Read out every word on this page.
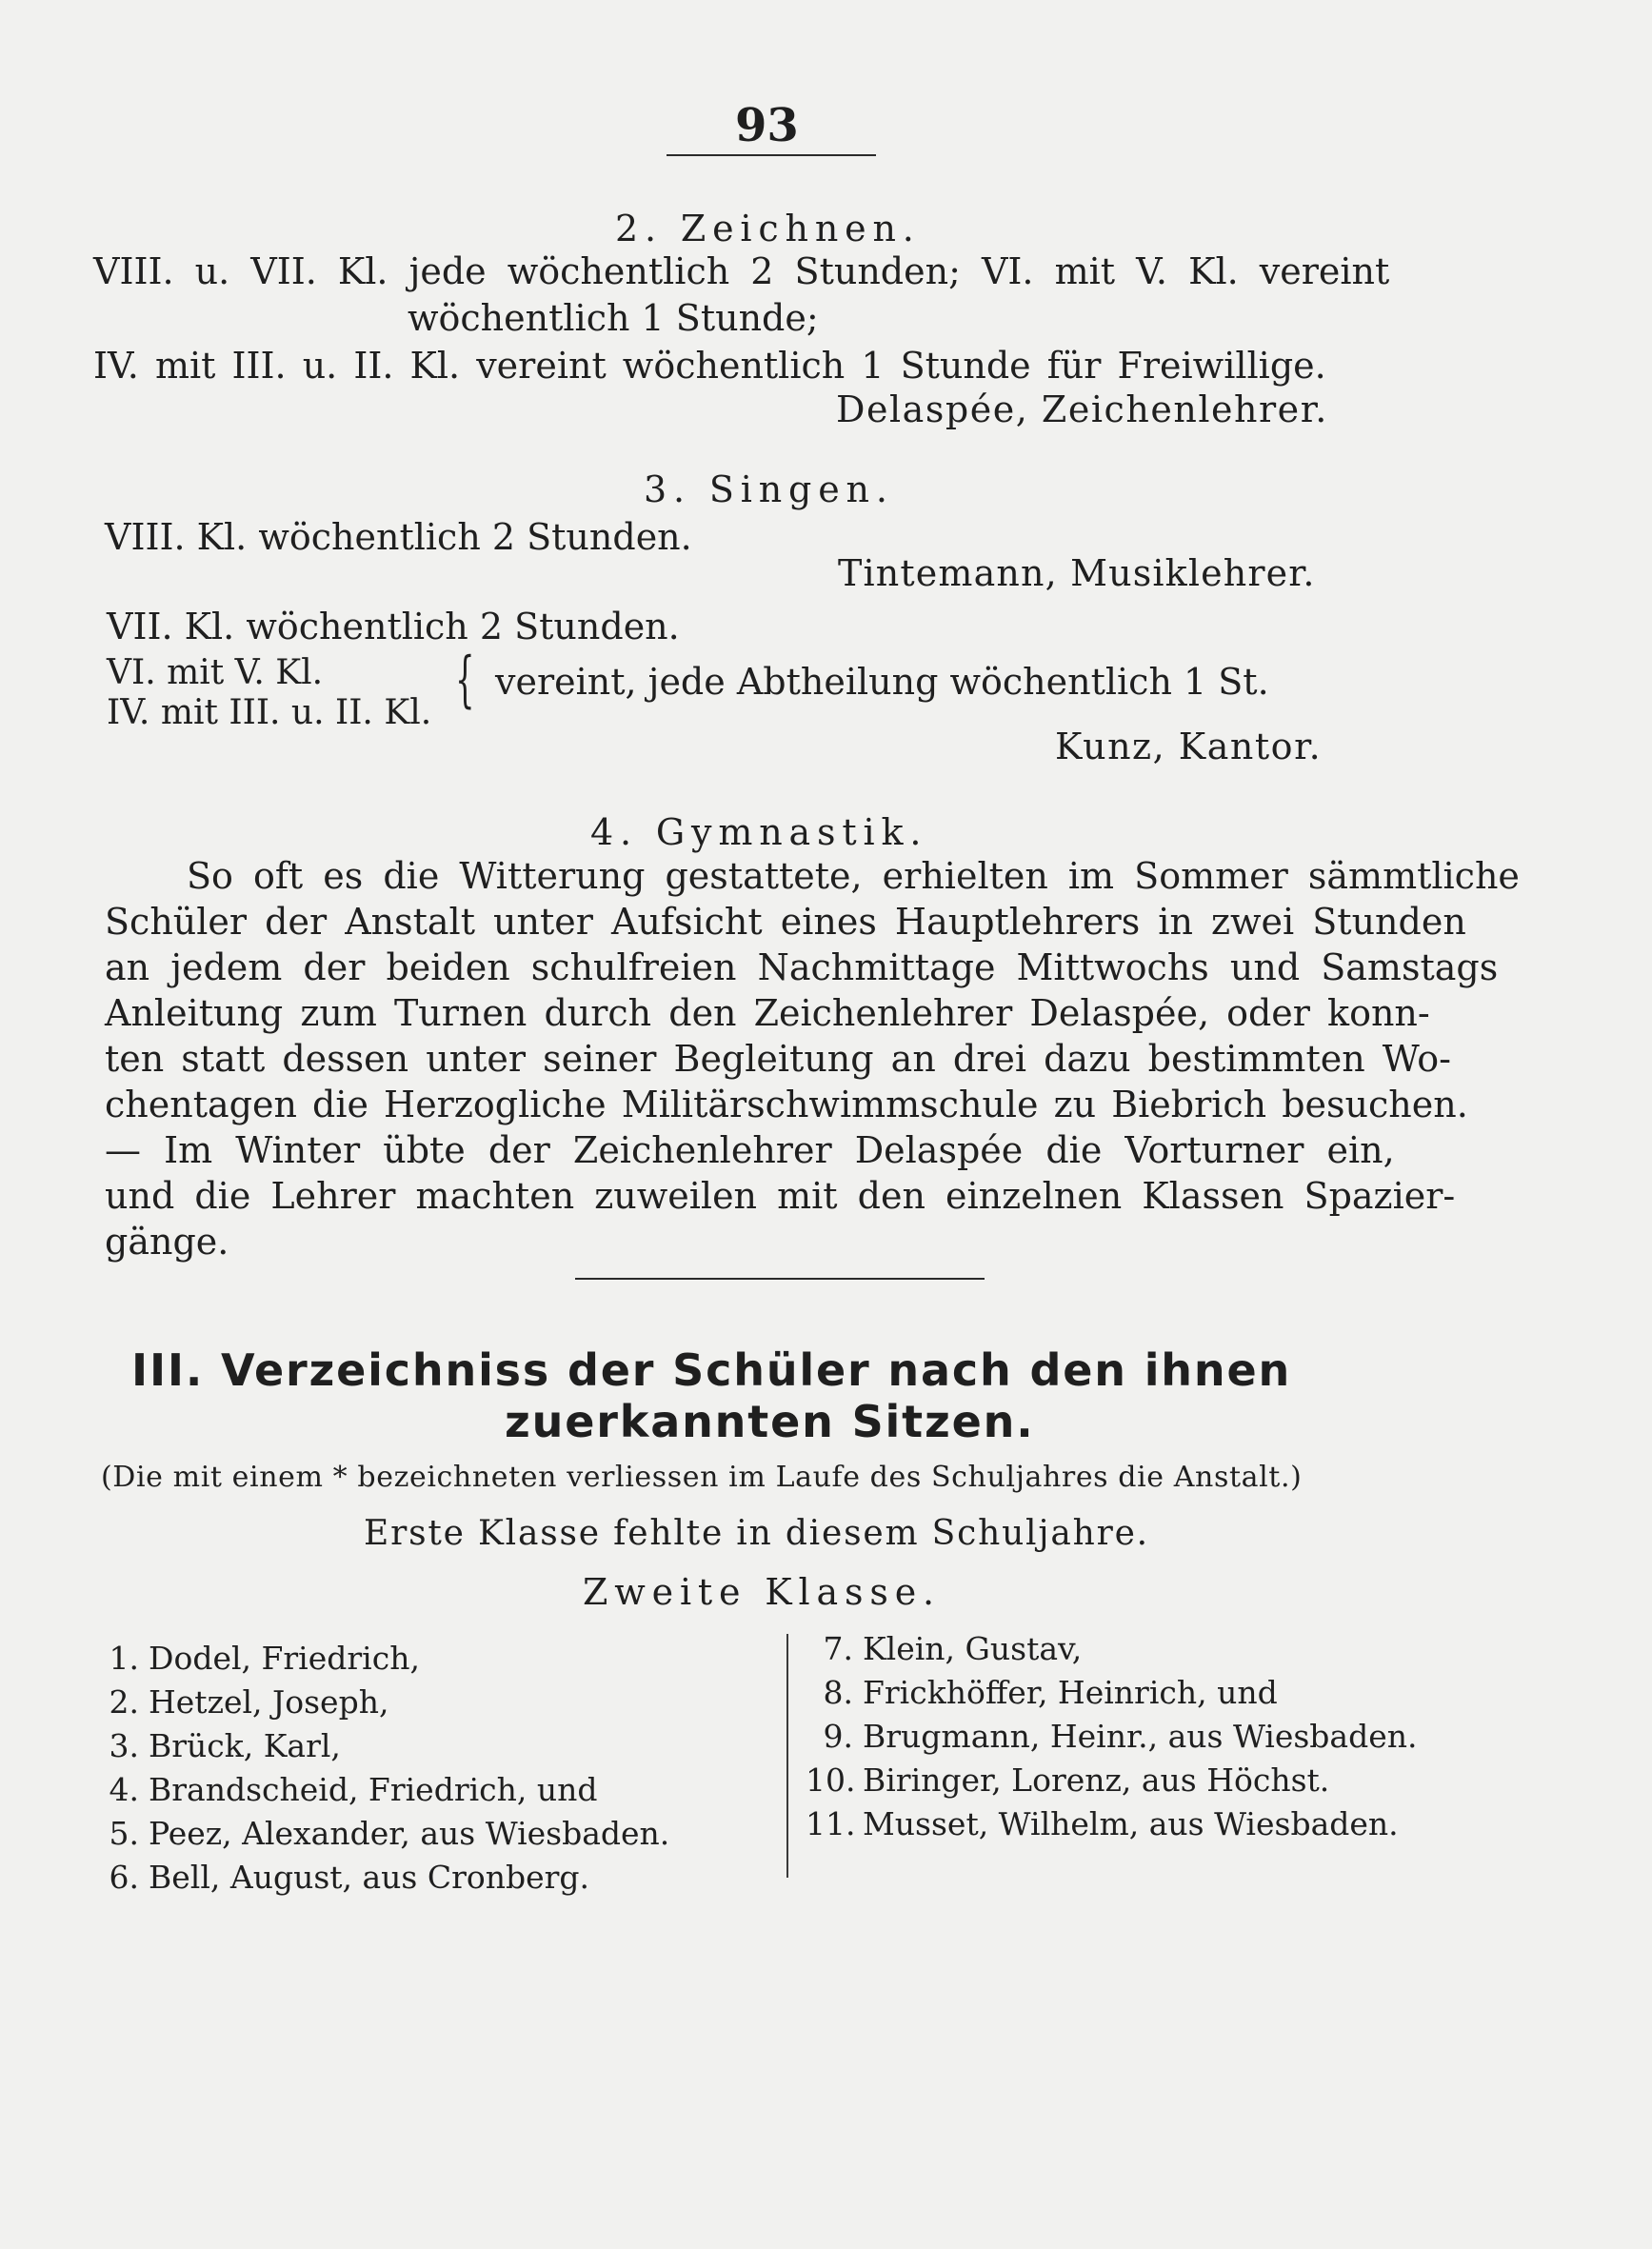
93
2. Zeichnen.
VIII. u. VII. Kl. jede wöchentlich 2 Stunden; VI. mit V. Kl. vereint
wöchentlich 1 Stunde;
IV. mit III. u. II. Kl. vereint wöchentlich 1 Stunde für Freiwillige.
Delaspée, Zeichenlehrer.
3. Singen.
VIII. Kl. wöchentlich 2 Stunden.
Tintemann, Musiklehrer.
VII. Kl. wöchentlich 2 Stunden.
VI. mit V. Kl.
IV. mit III. u. II. Kl. { vereint, jede Abtheilung wöchentlich 1 St.
Kunz, Kantor.
4. Gymnastik.
So oft es die Witterung gestattete, erhielten im Sommer sämmtliche
Schüler der Anstalt unter Aufsicht eines Hauptlehrers in zwei Stunden
an jedem der beiden schulfreien Nachmittage Mittwochs und Samstags
Anleitung zum Turnen durch den Zeichenlehrer Delaspée, oder konn-
ten statt dessen unter seiner Begleitung an drei dazu bestimmten Wo-
chentagen die Herzogliche Militärschwimmschule zu Biebrich besuchen.
— Im Winter übte der Zeichenlehrer Delaspée die Vorturner ein,
und die Lehrer machten zuweilen mit den einzelnen Klassen Spazier-
gänge.
III. Verzeichniss der Schüler nach den ihnen
zuerkannten Sitzen.
(Die mit einem * bezeichneten verliessen im Laufe des Schuljahres die Anstalt.)
Erste Klasse fehlte in diesem Schuljahre.
Zweite Klasse.
1. Dodel, Friedrich,
2. Hetzel, Joseph,
3. Brück, Karl,
4. Brandscheid, Friedrich, und
5. Peez, Alexander, aus Wiesbaden.
6. Bell, August, aus Cronberg.
7. Klein, Gustav,
8. Frickhöffer, Heinrich, und
9. Brugmann, Heinr., aus Wiesbaden.
10. Biringer, Lorenz, aus Höchst.
11. Musset, Wilhelm, aus Wiesbaden.
